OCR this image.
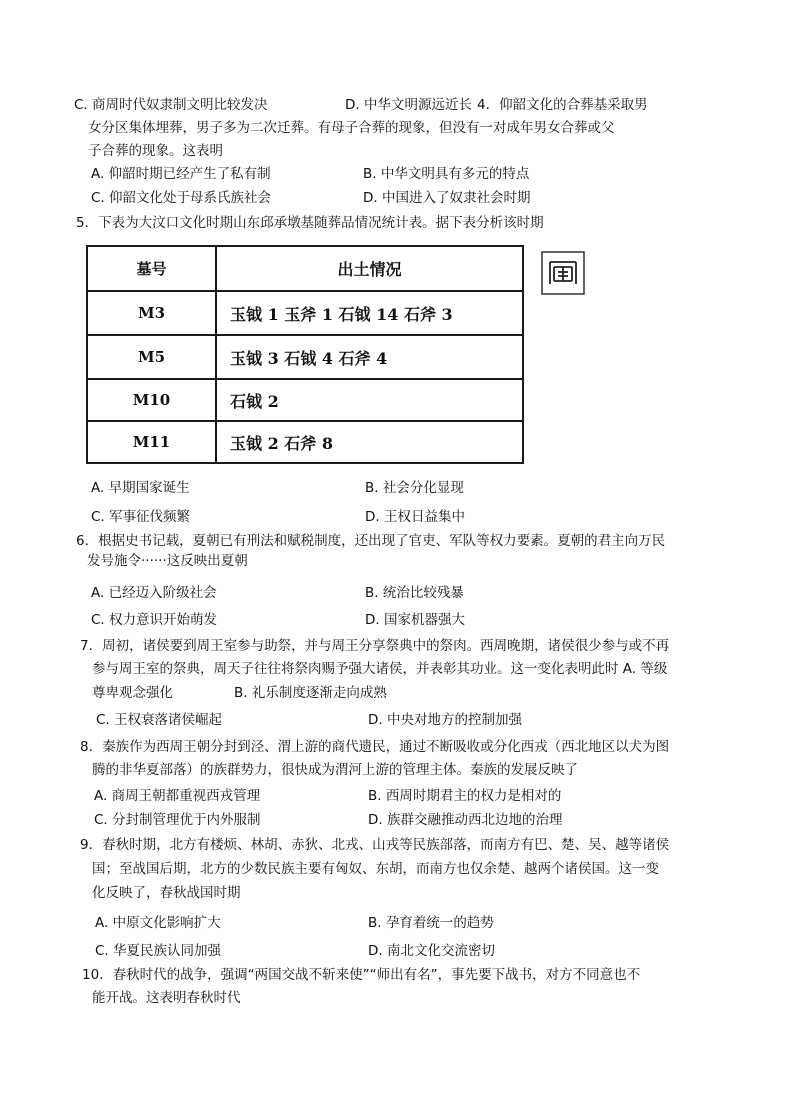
C. 商周时代奴隶制文明比较发决	D. 中华文明源远近长 4．仰韶文化的合葬基采取男
女分区集体埋葬，男子多为二次迁葬。有母子合葬的现象，但没有一对成年男女合葬或父
子合葬的现象。这表明
A. 仰韶时期已经产生了私有制	B. 中华文明具有多元的特点
C. 仰韶文化处于母系氏族社会	D. 中国进入了奴隶社会时期
5．下表为大汶口文化时期山东邱承墩基随葬品情况统计表。据下表分析该时期
墓号	出土情况
M3	玉钺 1 玉斧 1 石钺 14 石斧 3
M5	玉钺 3 石钺 4 石斧 4
M10	石钺 2
M11	玉钺 2 石斧 8
A. 早期国家诞生	B. 社会分化显现
C. 军事征伐频繁	D. 王权日益集中
6．根据史书记载，夏朝已有刑法和赋税制度，还出现了官吏、军队等权力要素。夏朝的君主向万民
发号施令······这反映出夏朝
A. 已经迈入阶级社会	B. 统治比较残暴
C. 权力意识开始萌发	D. 国家机器强大
7．周初，诸侯要到周王室参与助祭，并与周王分享祭典中的祭肉。西周晚期，诸侯很少参与或不再
参与周王室的祭典，周天子往往将祭肉赐予强大诸侯，并表彰其功业。这一变化表明此时 A. 等级
尊卑观念强化	B. 礼乐制度逐渐走向成熟
C. 王权衰落诸侯崛起	D. 中央对地方的控制加强
8．秦族作为西周王朝分封到泾、渭上游的商代遗民，通过不断吸收或分化西戎（西北地区以犬为图
腾的非华夏部落）的族群势力，很快成为渭河上游的管理主体。秦族的发展反映了
A. 商周王朝都重视西戎管理	B. 西周时期君主的权力是相对的
C. 分封制管理优于内外服制	D. 族群交融推动西北边地的治理
9．春秋时期，北方有楼烦、林胡、赤狄、北戎、山戎等民族部落，而南方有巴、楚、吴、越等诸侯
国；至战国后期，北方的少数民族主要有匈奴、东胡，而南方也仅余楚、越两个诸侯国。这一变
化反映了，春秋战国时期
A. 中原文化影响扩大	B. 孕育着统一的趋势
C. 华夏民族认同加强	D. 南北文化交流密切
10．春秋时代的战争，强调“两国交战不斩来使”“师出有名”，事先要下战书，对方不同意也不
能开战。这表明春秋时代
